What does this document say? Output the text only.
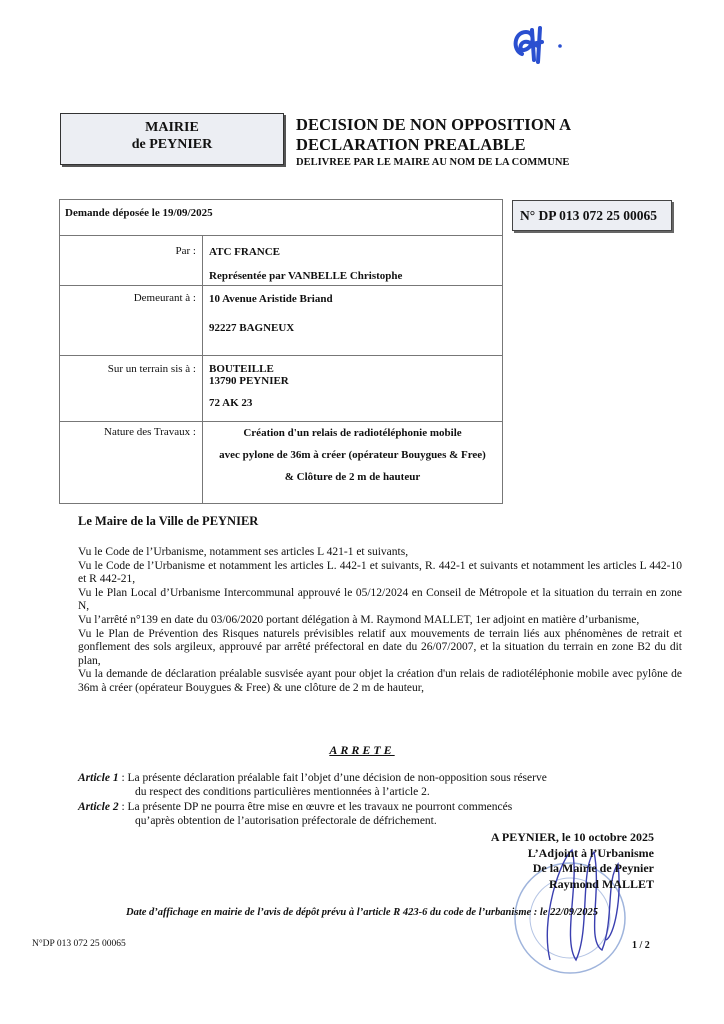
MAIRIE
de PEYNIER
DECISION DE NON OPPOSITION A
DECLARATION PREALABLE
DELIVREE PAR LE MAIRE AU NOM DE LA COMMUNE
Demande déposée le 19/09/2025	
Par :	ATC FRANCE
Représentée par VANBELLE Christophe

Demeurant à :	10 Avenue Aristide Briand
92227 BAGNEUX

Sur un terrain sis à :	BOUTEILLE
13790 PEYNIER
72 AK 23

Nature des Travaux :	Création d'un relais de radiotéléphonie mobile
avec pylone de 36m à créer (opérateur Bouygues & Free)
& Clôture de 2 m de hauteur
N° DP 013 072 25 00065
Le Maire de la Ville de PEYNIER

Vu le Code de l’Urbanisme, notamment ses articles L 421-1 et suivants,

Vu le Code de l’Urbanisme et notamment les articles L. 442-1 et suivants, R. 442-1 et suivants et notamment les articles L 442-10 et R 442-21,

Vu le Plan Local d’Urbanisme Intercommunal approuvé le 05/12/2024 en Conseil de Métropole et la situation du terrain en zone N,

Vu l’arrêté n°139 en date du 03/06/2020 portant délégation à M. Raymond MALLET, 1er adjoint en matière d’urbanisme,

Vu le Plan de Prévention des Risques naturels prévisibles relatif aux mouvements de terrain liés aux phénomènes de retrait et gonflement des sols argileux, approuvé par arrêté préfectoral en date du 26/07/2007, et la situation du terrain en zone B2 du dit plan,

Vu la demande de déclaration préalable susvisée ayant pour objet la création d'un relais de radiotéléphonie mobile avec pylône de 36m à créer (opérateur Bouygues & Free) & une clôture de 2 m de hauteur,

ARRETE
Article 1 : La présente déclaration préalable fait l’objet d’une décision de non-opposition sous réserve
du respect des conditions particulières mentionnées à l’article 2.
Article 2 : La présente DP ne pourra être mise en œuvre et les travaux ne pourront commencés
qu’après obtention de l’autorisation préfectorale de défrichement.
A PEYNIER, le 10 octobre 2025
L’Adjoint à l’Urbanisme
De la Mairie de Peynier
Raymond MALLET
Date d’affichage en mairie de l’avis de dépôt prévu à l’article R 423-6 du code de l’urbanisme : le 22/09/2025
N°DP 013 072 25 00065	1 / 2
